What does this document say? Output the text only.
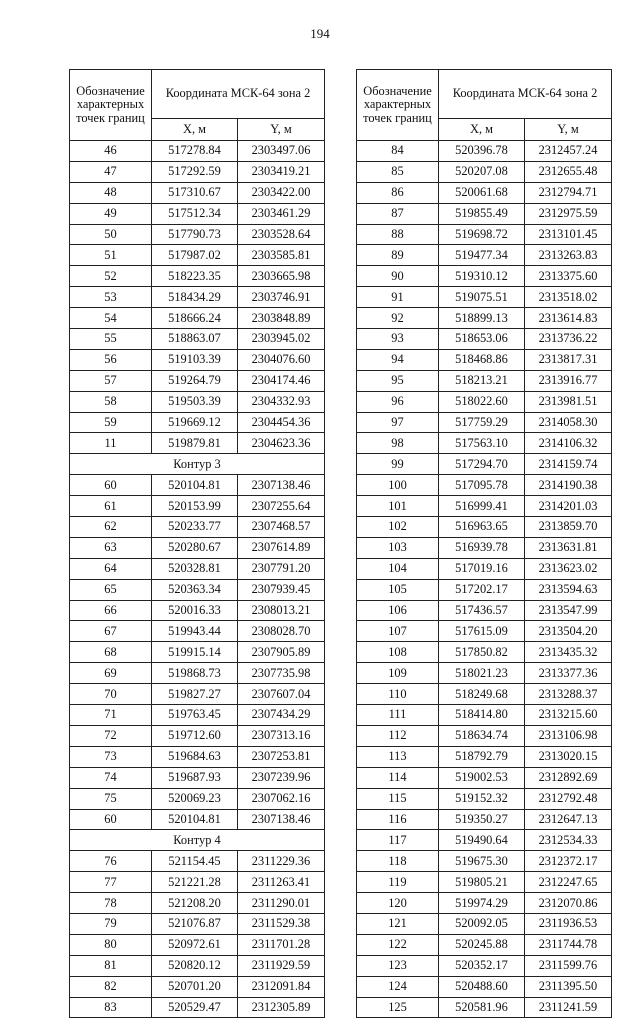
194
Обозначение характерных точек границ	Координата МСК-64 зона 2	
	X, м	Y, м
46	517278.84	2303497.06
47	517292.59	2303419.21
48	517310.67	2303422.00
49	517512.34	2303461.29
50	517790.73	2303528.64
51	517987.02	2303585.81
52	518223.35	2303665.98
53	518434.29	2303746.91
54	518666.24	2303848.89
55	518863.07	2303945.02
56	519103.39	2304076.60
57	519264.79	2304174.46
58	519503.39	2304332.93
59	519669.12	2304454.36
11	519879.81	2304623.36
Контур 3		
60	520104.81	2307138.46
61	520153.99	2307255.64
62	520233.77	2307468.57
63	520280.67	2307614.89
64	520328.81	2307791.20
65	520363.34	2307939.45
66	520016.33	2308013.21
67	519943.44	2308028.70
68	519915.14	2307905.89
69	519868.73	2307735.98
70	519827.27	2307607.04
71	519763.45	2307434.29
72	519712.60	2307313.16
73	519684.63	2307253.81
74	519687.93	2307239.96
75	520069.23	2307062.16
60	520104.81	2307138.46
Контур 4		
76	521154.45	2311229.36
77	521221.28	2311263.41
78	521208.20	2311290.01
79	521076.87	2311529.38
80	520972.61	2311701.28
81	520820.12	2311929.59
82	520701.20	2312091.84
83	520529.47	2312305.89
Обозначение характерных точек границ	Координата МСК-64 зона 2	
	X, м	Y, м
84	520396.78	2312457.24
85	520207.08	2312655.48
86	520061.68	2312794.71
87	519855.49	2312975.59
88	519698.72	2313101.45
89	519477.34	2313263.83
90	519310.12	2313375.60
91	519075.51	2313518.02
92	518899.13	2313614.83
93	518653.06	2313736.22
94	518468.86	2313817.31
95	518213.21	2313916.77
96	518022.60	2313981.51
97	517759.29	2314058.30
98	517563.10	2314106.32
99	517294.70	2314159.74
100	517095.78	2314190.38
101	516999.41	2314201.03
102	516963.65	2313859.70
103	516939.78	2313631.81
104	517019.16	2313623.02
105	517202.17	2313594.63
106	517436.57	2313547.99
107	517615.09	2313504.20
108	517850.82	2313435.32
109	518021.23	2313377.36
110	518249.68	2313288.37
111	518414.80	2313215.60
112	518634.74	2313106.98
113	518792.79	2313020.15
114	519002.53	2312892.69
115	519152.32	2312792.48
116	519350.27	2312647.13
117	519490.64	2312534.33
118	519675.30	2312372.17
119	519805.21	2312247.65
120	519974.29	2312070.86
121	520092.05	2311936.53
122	520245.88	2311744.78
123	520352.17	2311599.76
124	520488.60	2311395.50
125	520581.96	2311241.59
